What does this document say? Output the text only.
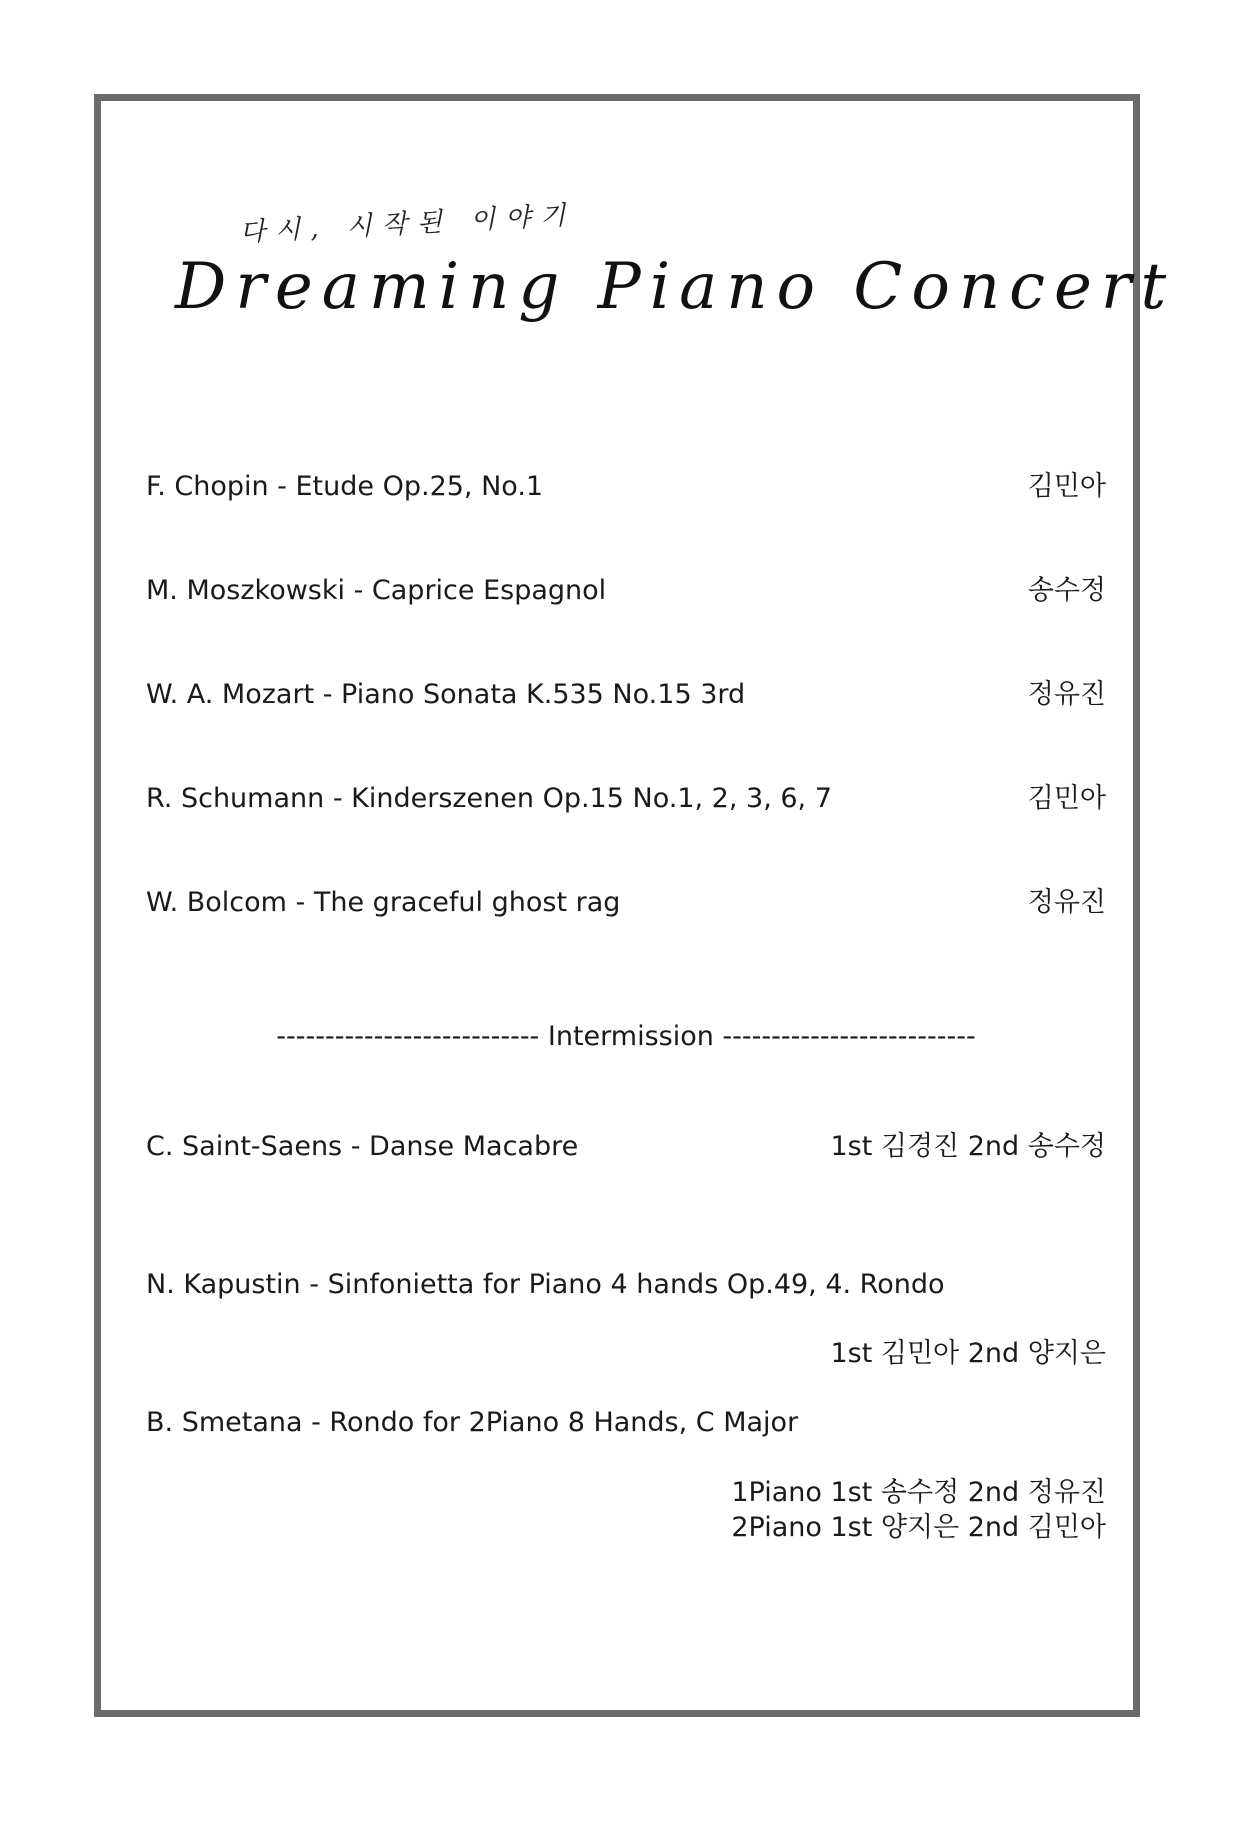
다시, 시작된 이야기
Dreaming Piano Concert
F. Chopin - Etude Op.25, No.1	김민아
M. Moszkowski - Caprice Espagnol	송수정
W. A. Mozart - Piano Sonata K.535 No.15 3rd	정유진
R. Schumann - Kinderszenen Op.15 No.1, 2, 3, 6, 7	김민아
W. Bolcom - The graceful ghost rag	정유진
--------------------------- Intermission --------------------------
C. Saint-Saens - Danse Macabre	1st 김경진 2nd 송수정
N. Kapustin - Sinfonietta for Piano 4 hands Op.49, 4. Rondo
1st 김민아 2nd 양지은
B. Smetana - Rondo for 2Piano 8 Hands, C Major
1Piano 1st 송수정 2nd 정유진
2Piano 1st 양지은 2nd 김민아
